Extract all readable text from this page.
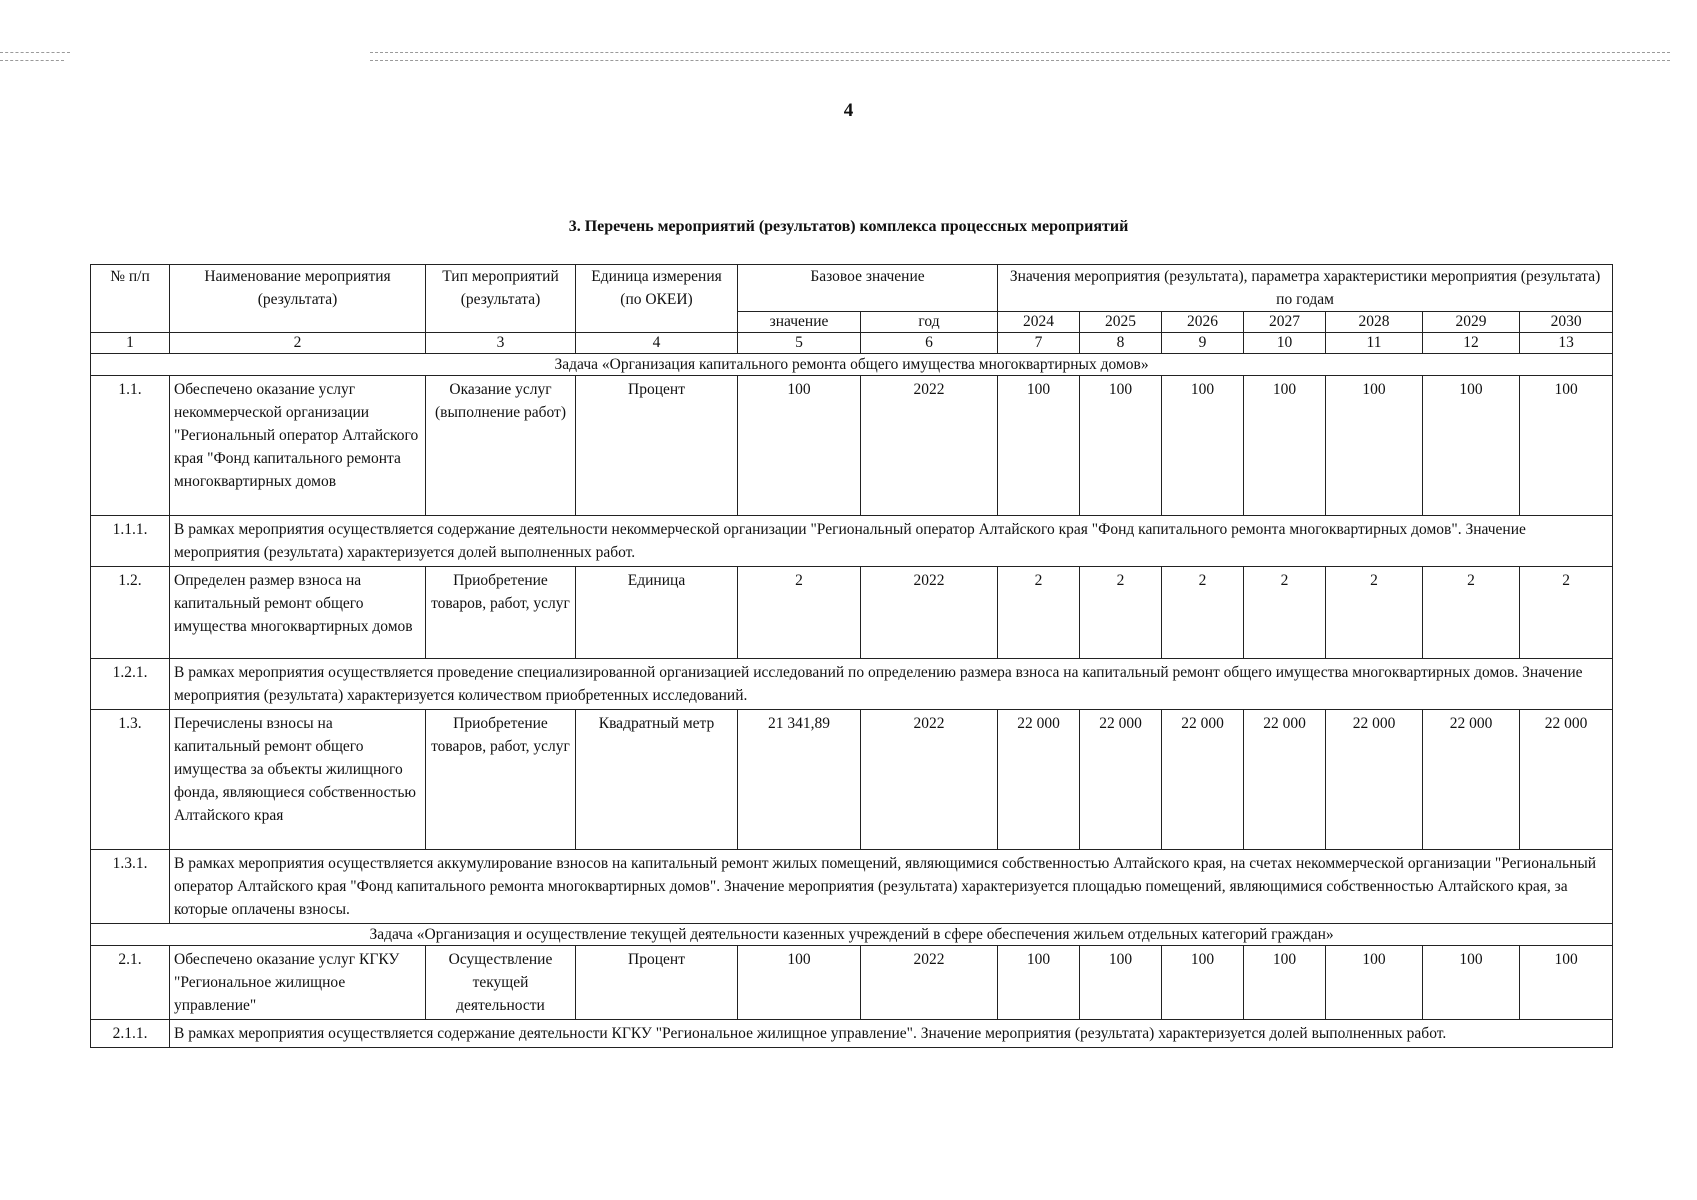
4
3. Перечень мероприятий (результатов) комплекса процессных мероприятий
№ п/п	Наименование мероприятия (результата)	Тип мероприятий (результата)	Единица измерения (по ОКЕИ)	Базовое значение		Значения мероприятия (результата), параметра характеристики мероприятия (результата) по годам						
				значение	год	2024	2025	2026	2027	2028	2029	2030
1	2	3	4	5	6	7	8	9	10	11	12	13
Задача «Организация капитального ремонта общего имущества многоквартирных домов»												
1.1.	Обеспечено оказание услуг некоммерческой организации "Региональный оператор Алтайского края "Фонд капитального ремонта многоквартирных домов	Оказание услуг (выполнение работ)	Процент	100	2022	100	100	100	100	100	100	100
1.1.1.	В рамках мероприятия осуществляется содержание деятельности некоммерческой организации "Региональный оператор Алтайского края "Фонд капитального ремонта многоквартирных домов". Значение мероприятия (результата) характеризуется долей выполненных работ.											
1.2.	Определен размер взноса на капитальный ремонт общего имущества многоквартирных домов	Приобретение товаров, работ, услуг	Единица	2	2022	2	2	2	2	2	2	2
1.2.1.	В рамках мероприятия осуществляется проведение специализированной организацией исследований по определению размера взноса на капитальный ремонт общего имущества многоквартирных домов. Значение мероприятия (результата) характеризуется количеством приобретенных исследований.											
1.3.	Перечислены взносы на капитальный ремонт общего имущества за объекты жилищного фонда, являющиеся собственностью Алтайского края	Приобретение товаров, работ, услуг	Квадратный метр	21 341,89	2022	22 000	22 000	22 000	22 000	22 000	22 000	22 000
1.3.1.	В рамках мероприятия осуществляется аккумулирование взносов на капитальный ремонт жилых помещений, являющимися собственностью Алтайского края, на счетах некоммерческой организации "Региональный оператор Алтайского края "Фонд капитального ремонта многоквартирных домов". Значение мероприятия (результата) характеризуется площадью помещений, являющимися собственностью Алтайского края, за которые оплачены взносы.											
Задача «Организация и осуществление текущей деятельности казенных учреждений в сфере обеспечения жильем отдельных категорий граждан»												
2.1.	Обеспечено оказание услуг КГКУ "Региональное жилищное управление"	Осуществление текущей деятельности	Процент	100	2022	100	100	100	100	100	100	100
2.1.1.	В рамках мероприятия осуществляется содержание деятельности КГКУ "Региональное жилищное управление". Значение мероприятия (результата) характеризуется долей выполненных работ.											
